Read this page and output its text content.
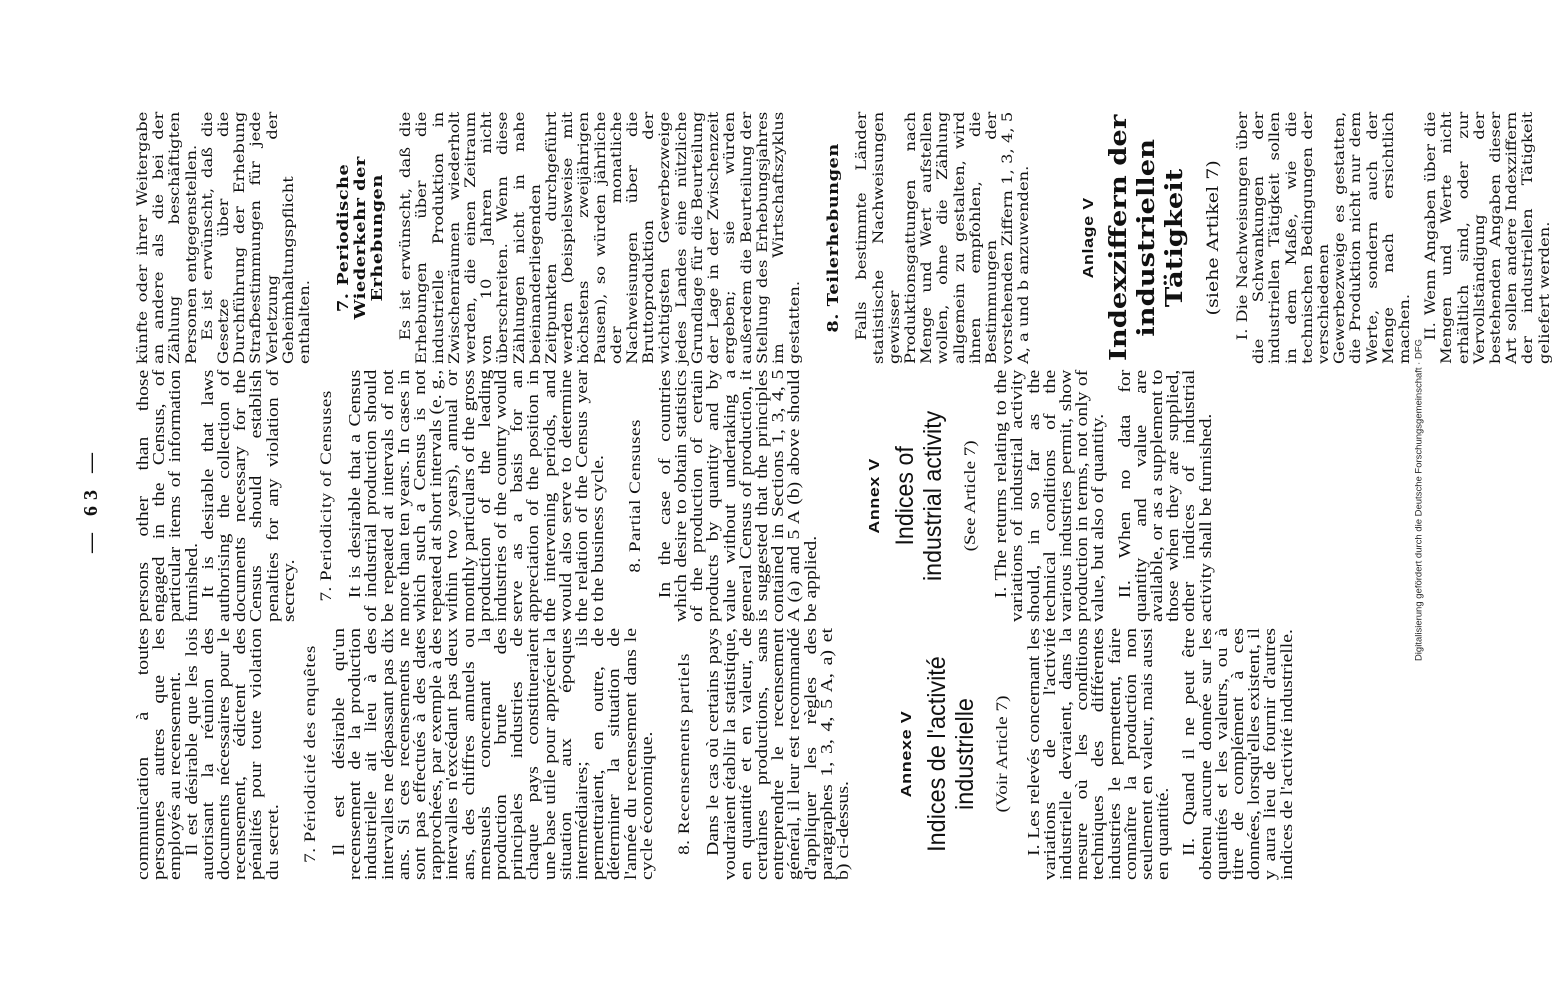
— 63 —

communication à toutes personnes autres que les employés au recensement.

Il est désirable que les lois autorisant la réunion des documents nécessaires pour le recensement, édictent des pénalités pour toute violation du secret. 7. Périodicité des enquêtes Il est désirable qu'un recensement de la production industrielle ait lieu à des intervalles ne dépassant pas dix ans. Si ces recensements ne sont pas effectués à des dates rapprochées, par exemple à des intervalles n'excédant pas deux ans, des chiffres annuels ou mensuels concernant la production brute des principales industries de chaque pays constitueraient une base utile pour apprécier la situation aux époques intermédiaires; ils permettraient, en outre, de déterminer la situation de l'année du recensement dans le cycle économique. 8. Recensements partiels Dans le cas où certains pays voudraient établir la statistique, en quantité et en valeur, de certaines productions, sans entreprendre le recensement général, il leur est recommandé d'appliquer les règles des paragraphes 1, 3, 4, 5 A, a) et b) ci-dessus.

Annexe V Indices de l'activité industrielle (Voir Article 7) I. Les relevés concernant les variations de l'activité industrielle devraient, dans la mesure où les conditions techniques des différentes industries le permettent, faire connaître la production non seulement en valeur, mais aussi en quantité. II. Quand il ne peut être obtenu aucune donnée sur les quantités et les valeurs, ou à titre de complément à ces données, lorsqu'elles existent, il y aura lieu de fournir d'autres indices de l'activité industrielle.

persons other than those engaged in the Census, of particular items of information furnished.

It is desirable that laws authorising the collection of documents necessary for the Census should establish penalties for any violation of secrecy. 7. Periodicity of Censuses It is desirable that a Census of industrial production should be repeated at intervals of not more than ten years. In cases in which such a Census is not repeated at short intervals (e. g., within two years), annual or monthly particulars of the gross production of the leading industries of the country would serve as a basis for an appreciation of the position in the intervening periods, and would also serve to determine the relation of the Census year to the business cycle. 8. Partial Censuses In the case of countries which desire to obtain statistics of the production of certain products by quantity and by value without undertaking a general Census of production, it is suggested that the principles contained in Sections 1, 3, 4, 5 A (a) and 5 A (b) above should be applied.

Annex V Indices of industrial activity (See Article 7) I. The returns relating to the variations of industrial activity should, in so far as the technical conditions of the various industries permit, show production in terms, not only of value, but also of quantity. II. When no data for quantity and value are available, or as a supplement to those when they are supplied, other indices of industrial activity shall be furnished.

künfte oder ihrer Weitergabe an andere als die bei der Zählung beschäftigten Personen entgegenstellen. Es ist erwünscht, daß die Gesetze über die Durchführung der Erhebung Strafbestimmungen für jede Verletzung der Geheimhaltungspflicht enthalten.

7. Periodische Wiederkehr der Erhebungen Es ist erwünscht, daß die Erhebungen über die industrielle Produktion in Zwischenräumen wiederholt werden, die einen Zeitraum von 10 Jahren nicht überschreiten. Wenn diese Zählungen nicht in nahe beieinanderliegenden Zeitpunkten durchgeführt werden (beispielsweise mit höchstens zweijährigen Pausen), so würden jährliche oder monatliche Nachweisungen über die Bruttoproduktion der wichtigsten Gewerbezweige jedes Landes eine nützliche Grundlage für die Beurteilung der Lage in der Zwischenzeit ergeben; sie würden außerdem die Beurteilung der Stellung des Erhebungsjahres im Wirtschaftszyklus gestatten. 8. Teilerhebungen Falls bestimmte Länder statistische Nachweisungen gewisser Produktionsgattungen nach Menge und Wert aufstellen wollen, ohne die Zählung allgemein zu gestalten, wird ihnen empfohlen, die Bestimmungen der vorstehenden Ziffern 1, 3, 4, 5 A, a und b anzuwenden.	Anlage V Indexziffern der industriellen Tätigkeit (siehe Artikel 7) I. Die Nachweisungen über die Schwankungen der industriellen Tätigkeit sollen in dem Maße, wie die technischen Bedingungen der verschiedenen Gewerbezweige es gestatten, die Produktion nicht nur dem Werte, sondern auch der Menge nach ersichtlich machen. II. Wenn Angaben über die Mengen und Werte nicht erhältlich sind, oder zur Vervollständigung der bestehenden Angaben dieser Art sollen andere Indexziffern der industriellen Tätigkeit geliefert werden.

Digitalisierung gefördert durch die Deutsche Forschungsgemeinschaft · DFG
